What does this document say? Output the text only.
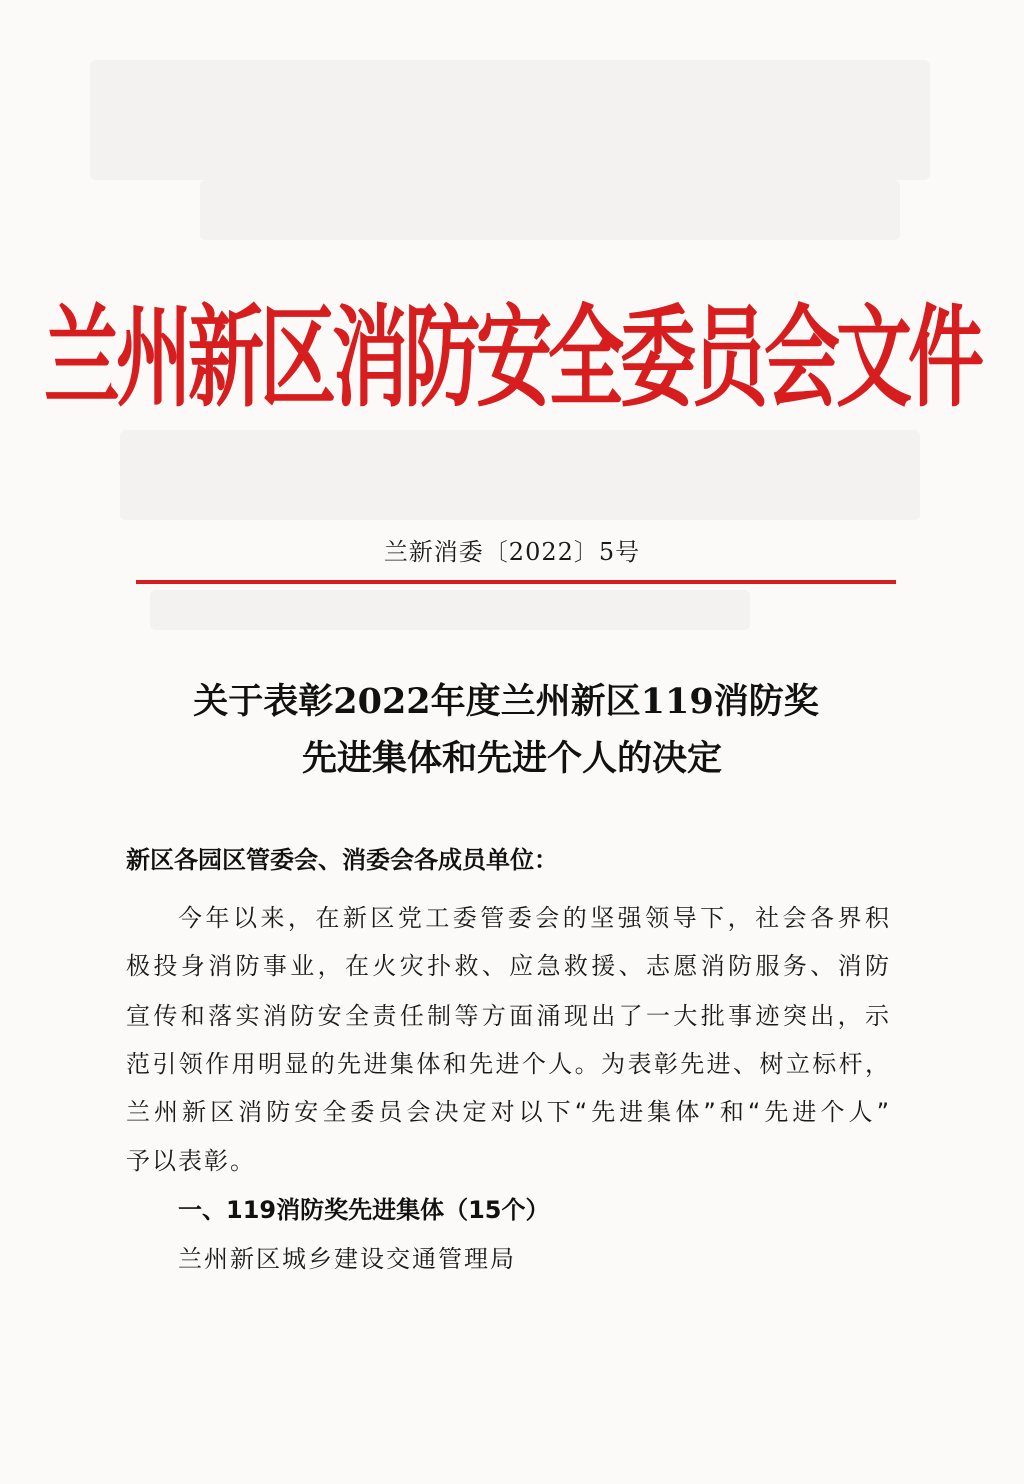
兰州新区消防安全委员会文件
兰新消委〔2022〕5号
关于表彰2022年度兰州新区119消防奖
先进集体和先进个人的决定
新区各园区管委会、消委会各成员单位：
今年以来，在新区党工委管委会的坚强领导下，社会各界积
极投身消防事业，在火灾扑救、应急救援、志愿消防服务、消防
宣传和落实消防安全责任制等方面涌现出了一大批事迹突出，示
范引领作用明显的先进集体和先进个人。为表彰先进、树立标杆，
兰州新区消防安全委员会决定对以下“先进集体”和“先进个人”
予以表彰。
一、119消防奖先进集体（15个）
兰州新区城乡建设交通管理局
